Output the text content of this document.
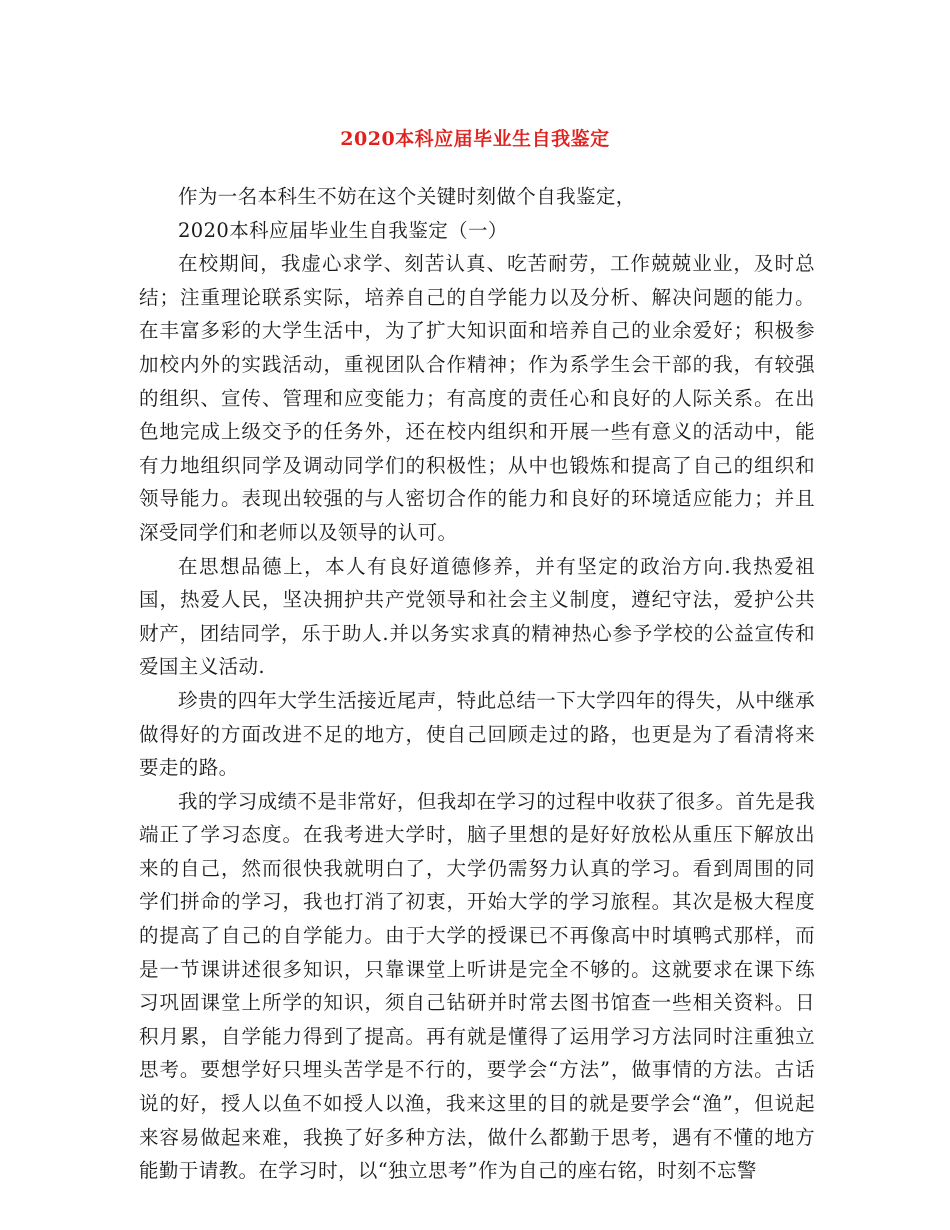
2020本科应届毕业生自我鉴定

作为一名本科生不妨在这个关键时刻做个自我鉴定，

2020本科应届毕业生自我鉴定（一）

在校期间，我虚心求学、刻苦认真、吃苦耐劳，工作兢兢业业，及时总结；注重理论联系实际，培养自己的自学能力以及分析、解决问题的能力。在丰富多彩的大学生活中，为了扩大知识面和培养自己的业余爱好；积极参加校内外的实践活动，重视团队合作精神；作为系学生会干部的我，有较强的组织、宣传、管理和应变能力；有高度的责任心和良好的人际关系。在出色地完成上级交予的任务外，还在校内组织和开展一些有意义的活动中，能有力地组织同学及调动同学们的积极性；从中也锻炼和提高了自己的组织和领导能力。表现出较强的与人密切合作的能力和良好的环境适应能力；并且深受同学们和老师以及领导的认可。

在思想品德上，本人有良好道德修养，并有坚定的政治方向.我热爱祖国，热爱人民，坚决拥护共产党领导和社会主义制度，遵纪守法，爱护公共财产，团结同学，乐于助人.并以务实求真的精神热心参予学校的公益宣传和爱国主义活动.

珍贵的四年大学生活接近尾声，特此总结一下大学四年的得失，从中继承做得好的方面改进不足的地方，使自己回顾走过的路，也更是为了看清将来要走的路。

我的学习成绩不是非常好，但我却在学习的过程中收获了很多。首先是我端正了学习态度。在我考进大学时，脑子里想的是好好放松从重压下解放出来的自己，然而很快我就明白了，大学仍需努力认真的学习。看到周围的同学们拼命的学习，我也打消了初衷，开始大学的学习旅程。其次是极大程度的提高了自己的自学能力。由于大学的授课已不再像高中时填鸭式那样，而是一节课讲述很多知识，只靠课堂上听讲是完全不够的。这就要求在课下练习巩固课堂上所学的知识，须自己钻研并时常去图书馆查一些相关资料。日积月累，自学能力得到了提高。再有就是懂得了运用学习方法同时注重独立思考。要想学好只埋头苦学是不行的，要学会“方法”，做事情的方法。古话说的好，授人以鱼不如授人以渔，我来这里的目的就是要学会“渔”，但说起来容易做起来难，我换了好多种方法，做什么都勤于思考，遇有不懂的地方能勤于请教。在学习时，以“独立思考”作为自己的座右铭，时刻不忘警
